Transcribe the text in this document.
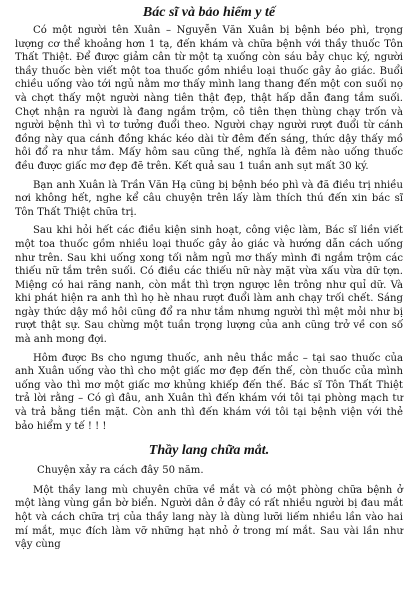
Bác sĩ và bảo hiểm y tế

Có một người tên Xuân – Nguyễn Văn Xuân bị bệnh béo phì, trọng lượng cơ thể khoảng hơn 1 tạ, đến khám và chữa bệnh với thầy thuốc Tôn Thất Thiệt. Để được giảm cân từ một tạ xuống còn sáu bảy chục ký, người thầy thuốc bèn viết một toa thuốc gồm nhiều loại thuốc gây ảo giác. Buổi chiều uống vào tới ngủ nằm mơ thấy mình lang thang đến một con suối nọ và chợt thấy một người nàng tiên thật đẹp, thật hấp dẫn đang tắm suối. Chợt nhận ra người là đang ngắm trộm, cô tiên thẹn thùng chạy trốn và người bệnh thì vì tơ tưởng đuổi theo. Người chạy người rượt đuổi từ cánh đồng này qua cánh đồng khác kéo dài từ đêm đến sáng, thức dậy thấy mồ hôi đổ ra như tắm. Mấy hôm sau cũng thế, nghĩa là đêm nào uống thuốc đều được giấc mơ đẹp đẽ trên. Kết quả sau 1 tuần anh sụt mất 30 ký.

Bạn anh Xuân là Trần Văn Hạ cũng bị bệnh béo phì và đã điều trị nhiều nơi không hết, nghe kể câu chuyện trên lấy làm thích thú đến xin bác sĩ Tôn Thất Thiệt chữa trị.

Sau khi hỏi hết các điều kiện sinh hoạt, công việc làm, Bác sĩ liền viết một toa thuốc gồm nhiều loại thuốc gây ảo giác và hướng dẫn cách uống như trên. Sau khi uống xong tối nằm ngủ mơ thấy mình đi ngắm trộm các thiếu nữ tắm trên suối. Có điều các thiếu nữ này mặt vừa xấu vừa dữ tợn. Miệng có hai răng nanh, còn mắt thì trợn ngược lên trông như quỉ dữ. Và khi phát hiện ra anh thì họ hè nhau rượt đuổi làm anh chạy trối chết. Sáng ngày thức dậy mồ hôi cũng đổ ra như tắm nhưng người thì mệt mỏi như bị rượt thật sự. Sau chừng một tuần trọng lượng của anh cũng trở về con số mà anh mong đợi.

Hôm được Bs cho ngưng thuốc, anh nêu thắc mắc – tại sao thuốc của anh Xuân uống vào thì cho một giấc mơ đẹp đến thế, còn thuốc của mình uống vào thì mơ một giấc mơ khủng khiếp đến thế. Bác sĩ Tôn Thất Thiệt trả lời rằng – Có gì đâu, anh Xuân thì đến khám với tôi tại phòng mạch tư và trả bằng tiền mặt. Còn anh thì đến khám với tôi tại bệnh viện với thẻ bảo hiểm y tế ! ! !

Thầy lang chữa mắt.

Chuyện xảy ra cách đây 50 năm.

Một thầy lang mù chuyên chữa về mắt và có một phòng chữa bệnh ở một làng vùng gần bờ biển. Người dân ở đây có rất nhiều người bị đau mắt hột và cách chữa trị của thầy lang này là dùng lưỡi liếm nhiều lần vào hai mí mắt, mục đích làm vỡ những hạt nhỏ ở trong mí mắt. Sau vài lần như vậy cùng
